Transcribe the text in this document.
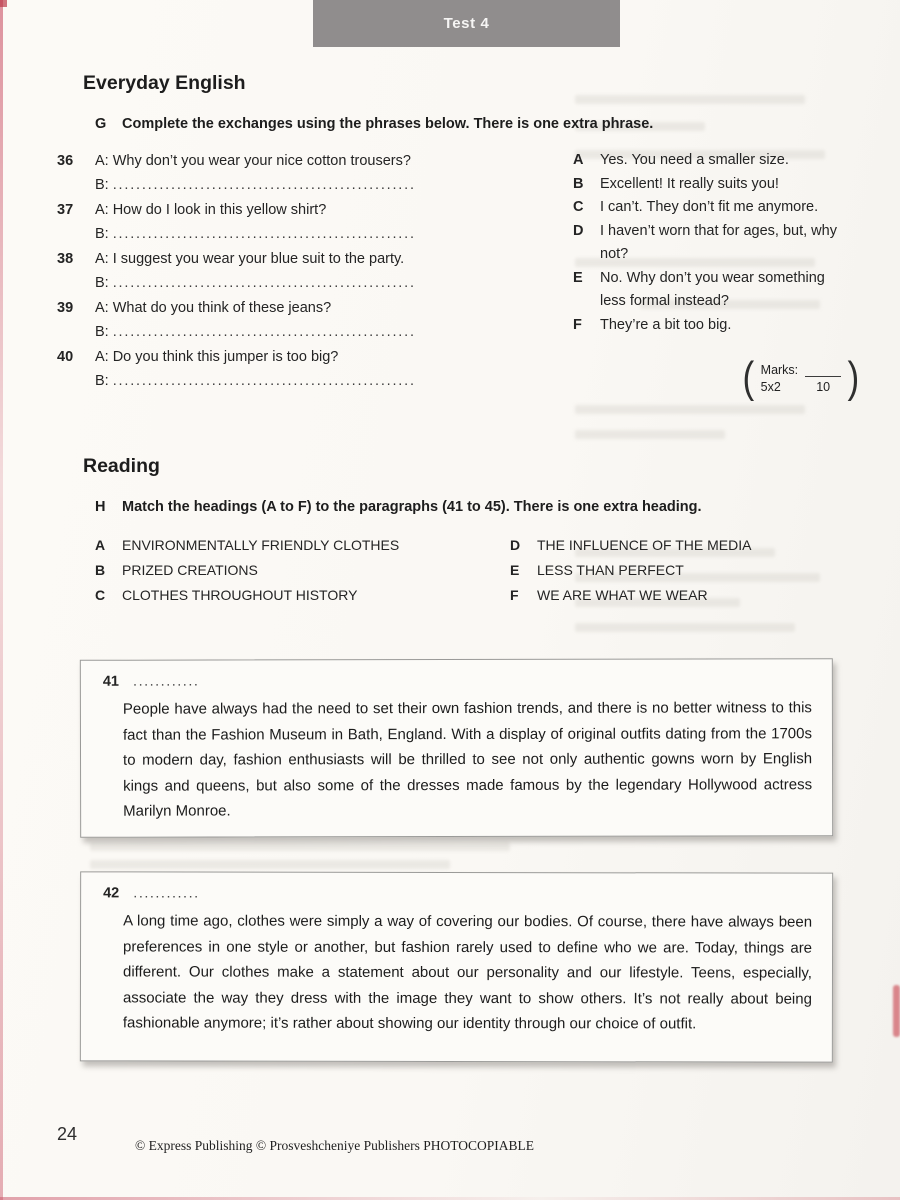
Test 4
Everyday English
G	Complete the exchanges using the phrases below. There is one extra phrase.
36	A: Why don’t you wear your nice cotton trousers?
B: ....................................................
37	A: How do I look in this yellow shirt?
B: ....................................................
38	A: I suggest you wear your blue suit to the party.
B: ....................................................
39	A: What do you think of these jeans?
B: ....................................................
40	A: Do you think this jumper is too big?
B: ....................................................
A	Yes. You need a smaller size.
B	Excellent! It really suits you!
C	I can’t. They don’t fit me anymore.
D	I haven’t worn that for ages, but, why not?
E	No. Why don’t you wear something less formal instead?
F	They’re a bit too big.
( Marks:
5x2	10 )
Reading
H	Match the headings (A to F) to the paragraphs (41 to 45). There is one extra heading.
A	ENVIRONMENTALLY FRIENDLY CLOTHES
B	PRIZED CREATIONS
C	CLOTHES THROUGHOUT HISTORY
D	THE INFLUENCE OF THE MEDIA
E	LESS THAN PERFECT
F	WE ARE WHAT WE WEAR
41 ............

People have always had the need to set their own fashion trends, and there is no better witness to this fact than the Fashion Museum in Bath, England. With a display of original outfits dating from the 1700s to modern day, fashion enthusiasts will be thrilled to see not only authentic gowns worn by English kings and queens, but also some of the dresses made famous by the legendary Hollywood actress Marilyn Monroe.

42 ............

A long time ago, clothes were simply a way of covering our bodies. Of course, there have always been preferences in one style or another, but fashion rarely used to define who we are. Today, things are different. Our clothes make a statement about our personality and our lifestyle. Teens, especially, associate the way they dress with the image they want to show others. It’s not really about being fashionable anymore; it’s rather about showing our identity through our choice of outfit.

24
© Express Publishing © Prosveshcheniye Publishers PHOTOCOPIABLE
